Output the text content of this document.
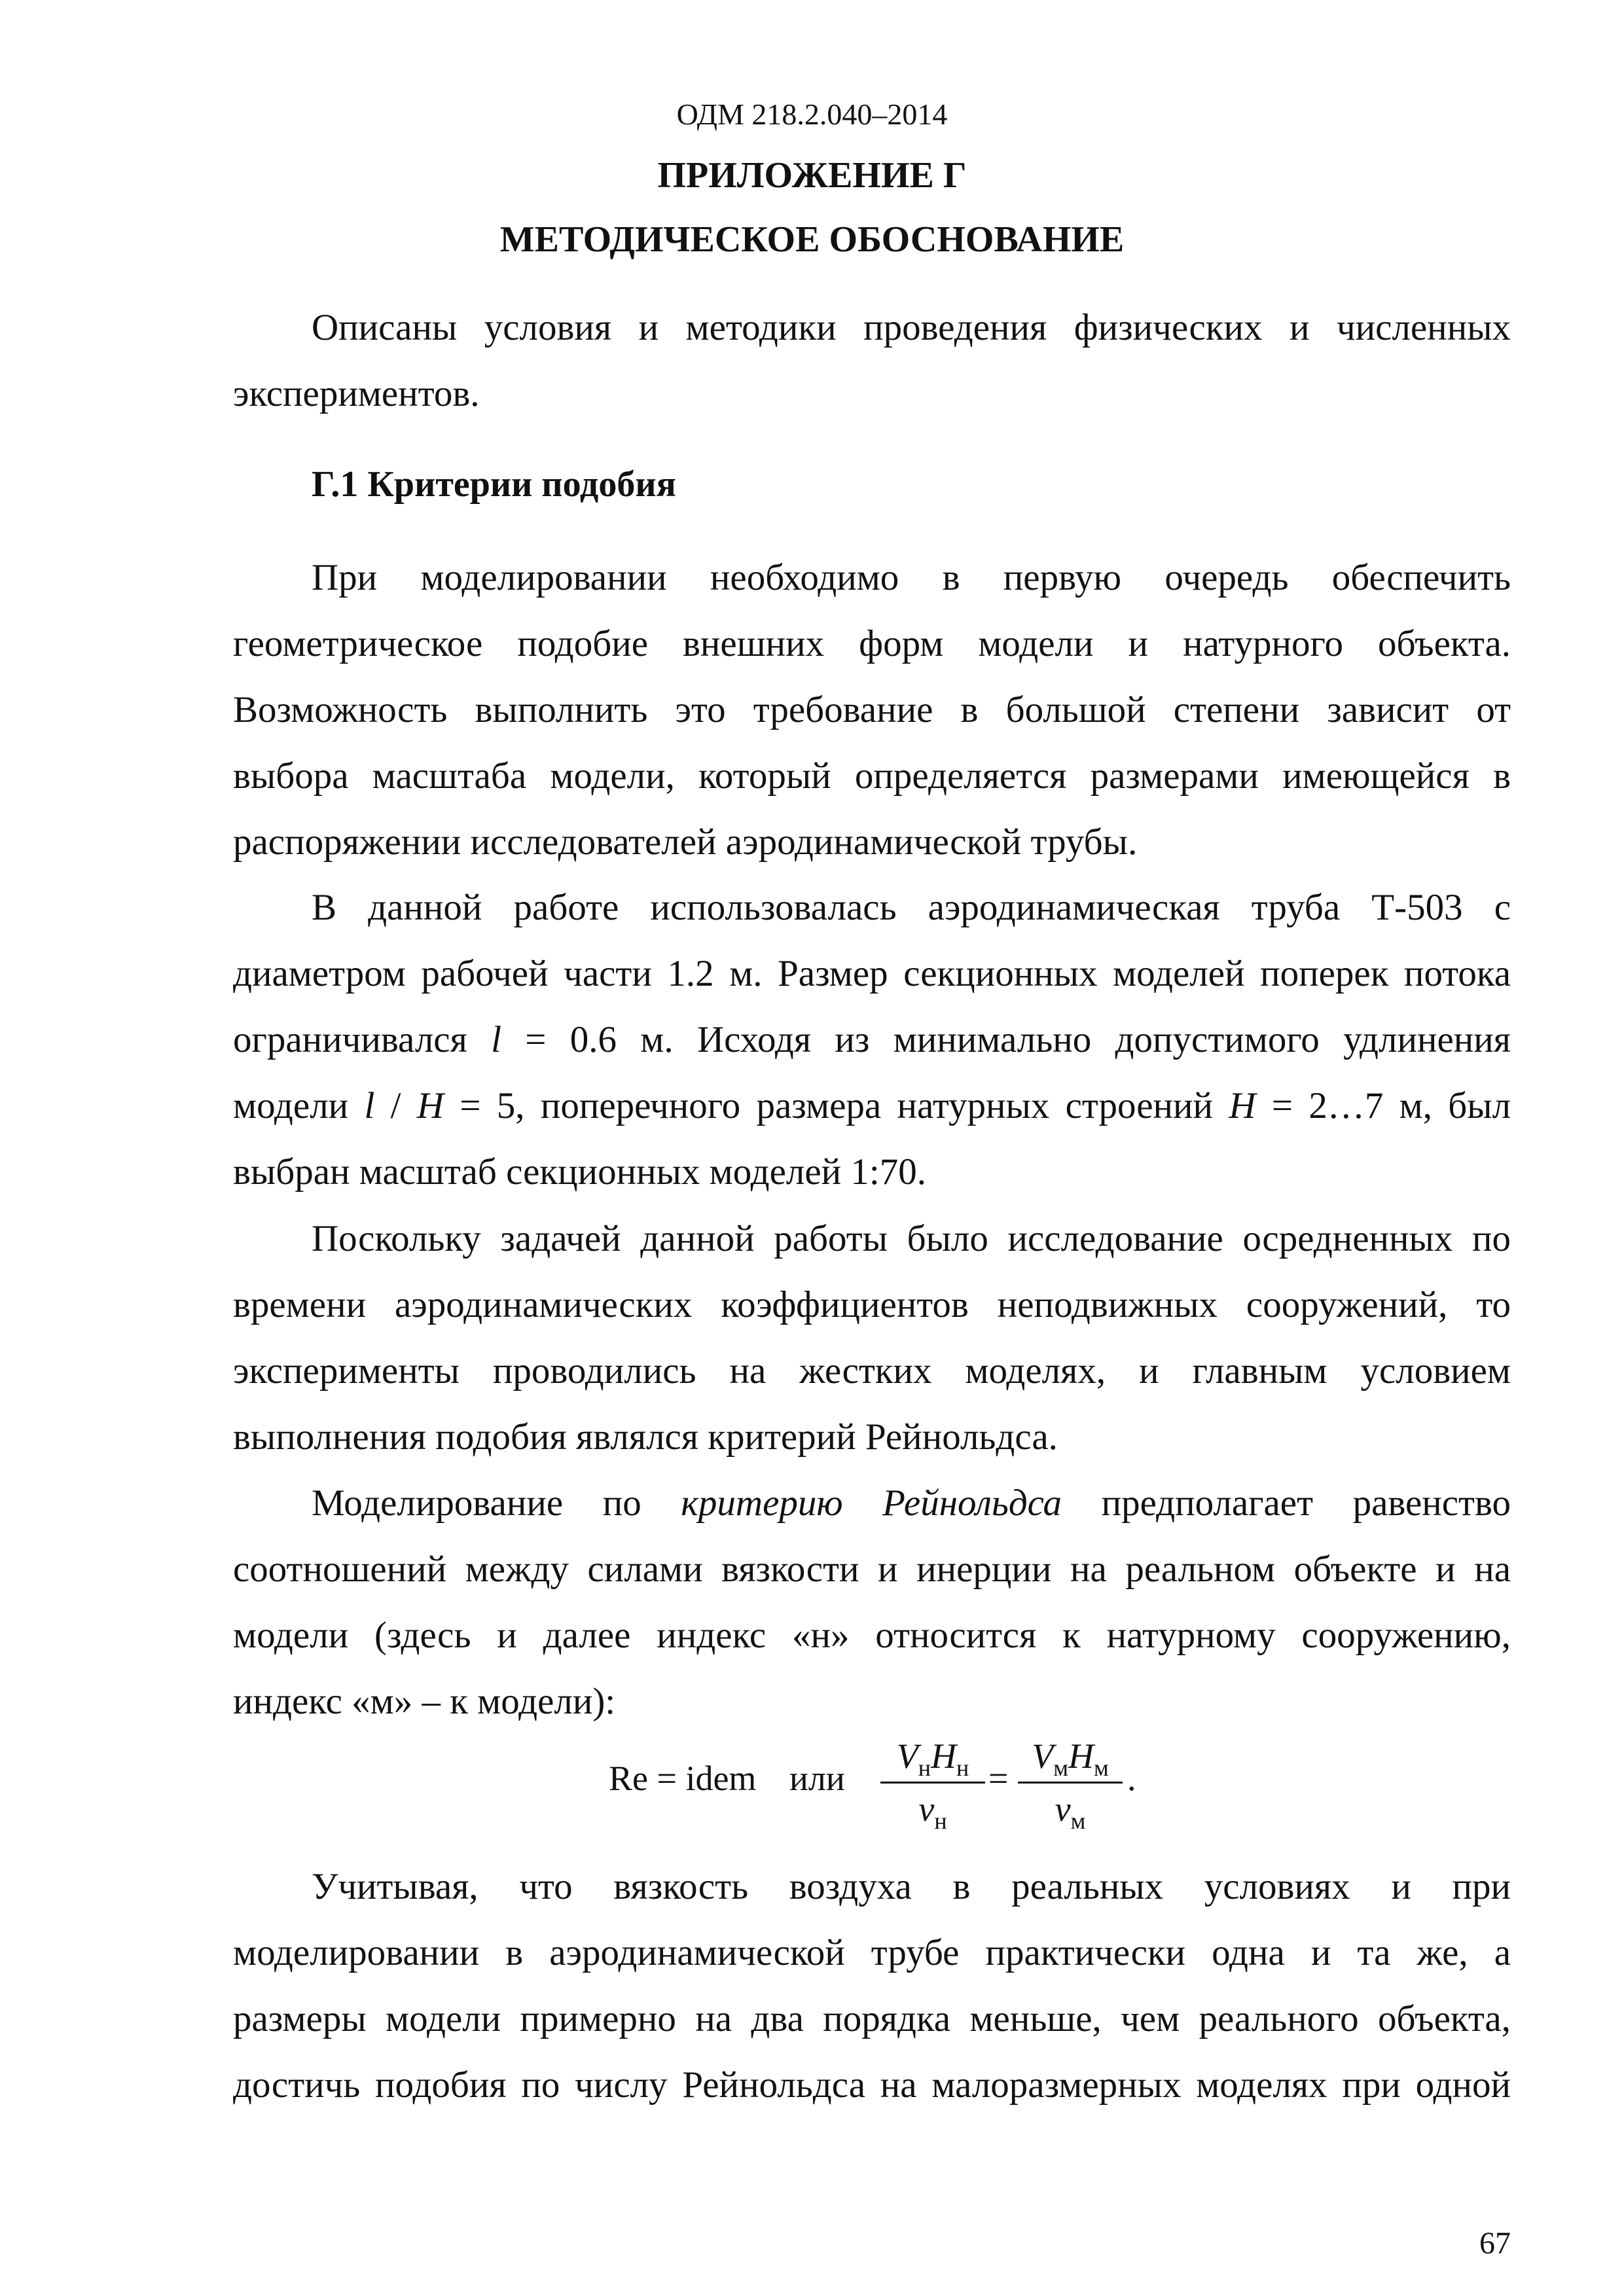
ОДМ 218.2.040–2014
ПРИЛОЖЕНИЕ Г
МЕТОДИЧЕСКОЕ ОБОСНОВАНИЕ
Описаны условия и методики проведения физических и численных
экспериментов.
Г.1 Критерии подобия
При моделировании необходимо в первую очередь обеспечить
геометрическое подобие внешних форм модели и натурного объекта.
Возможность выполнить это требование в большой степени зависит от
выбора масштаба модели, который определяется размерами имеющейся в
распоряжении исследователей аэродинамической трубы.
В данной работе использовалась аэродинамическая труба Т-503 с
диаметром рабочей части 1.2 м. Размер секционных моделей поперек потока
ограничивался l = 0.6 м. Исходя из минимально допустимого удлинения
модели l / H = 5, поперечного размера натурных строений H = 2…7 м, был
выбран масштаб секционных моделей 1:70.
Поскольку задачей данной работы было исследование осредненных по
времени аэродинамических коэффициентов неподвижных сооружений, то
эксперименты проводились на жестких моделях, и главным условием
выполнения подобия являлся критерий Рейнольдса.
Моделирование по критерию Рейнольдса предполагает равенство
соотношений между силами вязкости и инерции на реальном объекте и на
модели (здесь и далее индекс «н» относится к натурному сооружению,
индекс «м» – к модели):
Re = idem или
$V_нH_н$
$\nu_н$
=
$V_мH_м$
$\nu_м$
.
Учитывая, что вязкость воздуха в реальных условиях и при
моделировании в аэродинамической трубе практически одна и та же, а
размеры модели примерно на два порядка меньше, чем реального объекта,
достичь подобия по числу Рейнольдса на малоразмерных моделях при одной
67
